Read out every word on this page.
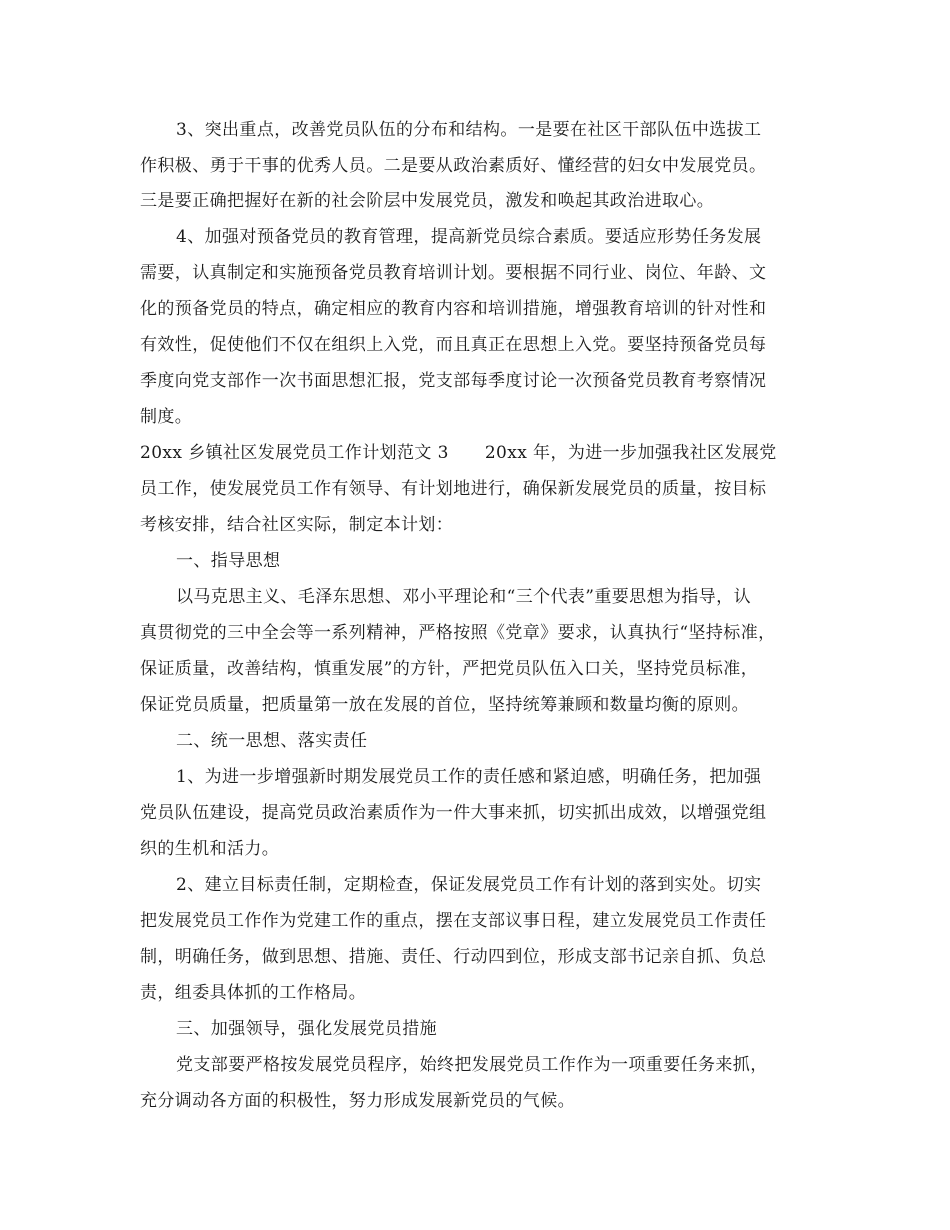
3、突出重点，改善党员队伍的分布和结构。一是要在社区干部队伍中选拔工
作积极、勇于干事的优秀人员。二是要从政治素质好、懂经营的妇女中发展党员。
三是要正确把握好在新的社会阶层中发展党员，激发和唤起其政治进取心。
4、加强对预备党员的教育管理，提高新党员综合素质。要适应形势任务发展
需要，认真制定和实施预备党员教育培训计划。要根据不同行业、岗位、年龄、文
化的预备党员的特点，确定相应的教育内容和培训措施，增强教育培训的针对性和
有效性，促使他们不仅在组织上入党，而且真正在思想上入党。要坚持预备党员每
季度向党支部作一次书面思想汇报，党支部每季度讨论一次预备党员教育考察情况
制度。
20xx 乡镇社区发展党员工作计划范文 3 20xx 年，为进一步加强我社区发展党
员工作，使发展党员工作有领导、有计划地进行，确保新发展党员的质量，按目标
考核安排，结合社区实际，制定本计划：
一、指导思想
以马克思主义、毛泽东思想、邓小平理论和“三个代表”重要思想为指导，认
真贯彻党的三中全会等一系列精神，严格按照《党章》要求，认真执行“坚持标准，
保证质量，改善结构，慎重发展”的方针，严把党员队伍入口关，坚持党员标准，
保证党员质量，把质量第一放在发展的首位，坚持统筹兼顾和数量均衡的原则。
二、统一思想、落实责任
1、为进一步增强新时期发展党员工作的责任感和紧迫感，明确任务，把加强
党员队伍建设，提高党员政治素质作为一件大事来抓，切实抓出成效，以增强党组
织的生机和活力。
2、建立目标责任制，定期检查，保证发展党员工作有计划的落到实处。切实
把发展党员工作作为党建工作的重点，摆在支部议事日程，建立发展党员工作责任
制，明确任务，做到思想、措施、责任、行动四到位，形成支部书记亲自抓、负总
责，组委具体抓的工作格局。
三、加强领导，强化发展党员措施
党支部要严格按发展党员程序，始终把发展党员工作作为一项重要任务来抓，
充分调动各方面的积极性，努力形成发展新党员的气候。
